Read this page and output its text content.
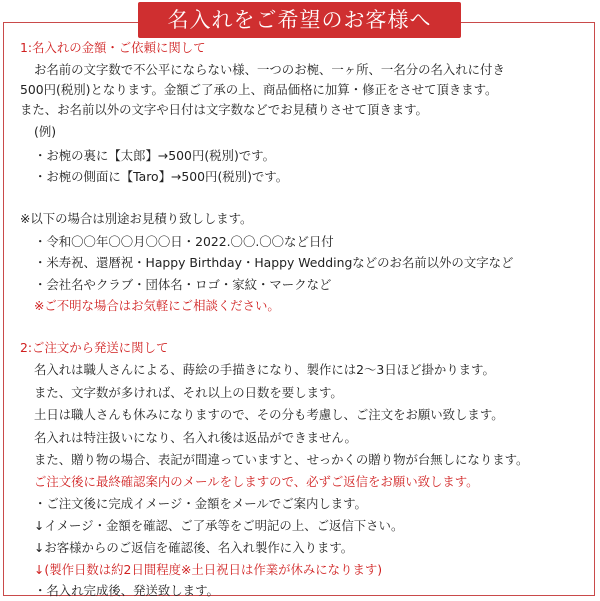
名入れをご希望のお客様へ
1:名入れの金額・ご依頼に関して
お名前の文字数で不公平にならない様、一つのお椀、一ヶ所、一名分の名入れに付き
500円(税別)となります。金額ご了承の上、商品価格に加算・修正をさせて頂きます。
また、お名前以外の文字や日付は文字数などでお見積りさせて頂きます。
(例)
・お椀の裏に【太郎】→500円(税別)です。
・お椀の側面に【Taro】→500円(税別)です。
※以下の場合は別途お見積り致しします。
・令和〇〇年〇〇月〇〇日・2022.〇〇.〇〇など日付
・米寿祝、還暦祝・Happy Birthday・Happy Weddingなどのお名前以外の文字など
・会社名やクラブ・団体名・ロゴ・家紋・マークなど
※ご不明な場合はお気軽にご相談ください。
2:ご注文から発送に関して
名入れは職人さんによる、蒔絵の手描きになり、製作には2〜3日ほど掛かります。
また、文字数が多ければ、それ以上の日数を要します。
土日は職人さんも休みになりますので、その分も考慮し、ご注文をお願い致します。
名入れは特注扱いになり、名入れ後は返品ができません。
また、贈り物の場合、表記が間違っていますと、せっかくの贈り物が台無しになります。
ご注文後に最終確認案内のメールをしますので、必ずご返信をお願い致します。
・ご注文後に完成イメージ・金額をメールでご案内します。
↓イメージ・金額を確認、ご了承等をご明記の上、ご返信下さい。
↓お客様からのご返信を確認後、名入れ製作に入ります。
↓(製作日数は約2日間程度※土日祝日は作業が休みになります)
・名入れ完成後、発送致します。
